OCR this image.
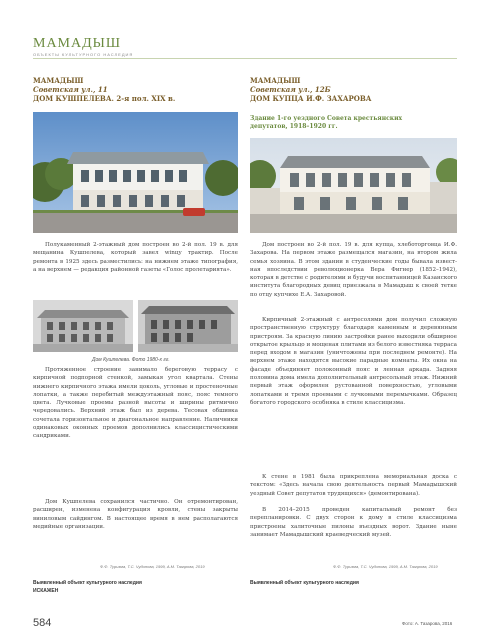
МАМАДЫШ
ОБЪЕКТЫ КУЛЬТУРНОГО НАСЛЕДИЯ
МАМАДЫШ
Советская ул., 11
ДОМ КУШПЕЛЕВА. 2-я пол. XIX в.

Полукаменный 2-этажный дом построен во 2-й пол. 19 в. для мещанина Кушпелева, который завел winцу трактир. После ремонта в 1925 здесь разместились: на нижнем этаже типография, а на верхнем — редакция районной газеты «Голос пролетарията».

Дом Кушпелева. Фото 1980-х гг.

Протяженное строение занимало береговую террасу с кирпичной подпорной стенкой, замыкая угол квартала. Стены нижнего кирпичного этажа имели цоколь, угловые и простеночные лопатки, а также перебитый междуэтажный пояс, пояс темного цвета. Лучковые проемы разной высоты и ширины ритмично чередовались. Верхний этаж был из дерева. Тесовая обшивка сочетала горизонтальное и диагональное направление. Наличники одинаковых оконных проемов дополнились классицистическими сандриками.

Дом Кушпелева сохранился частично. Он отремонтирован, расширен, изменена конфигурация кровли, стены закрыты виниловым сайдингом. В настоящее время в нем располагаются медийные организации.

Ф.Ф. Туризма, Т.С. Чудинова, 1999, А.М. Тазарова, 2019
Выявленный объект культурного наследия
ИСКАЖЕН
МАМАДЫШ
Советская ул., 12Б
ДОМ КУПЦА И.Ф. ЗАХАРОВА
Здание 1-го уездного Совета крестьянских
депутатов, 1918–1920 гг.

Дом построен во 2-й пол. 19 в. для купца, хлеботорговца И.Ф. Захарова. На первом этаже размещался магазин, на втором жила семья хозяина. В этом здании в студенческие годы бывала известная впоследствии революционерка Вера Фигнер (1852–1942), которая в детстве с родителями и будучи воспитанницей Казанского института благородных девиц приезжала в Мамадыш к своей тетке по отцу купчихе Е.А. Захаровой.

Кирпичный 2-этажный с антресолями дом получил сложную пространственную структуру благодаря каменным и деревянным пристроям. За красную линию застройки ранее выходили обширное открытое крыльцо и мощеная плитами из белого известняка терраса перед входом в магазин (уничтожены при последнем ремонте). На верхнем этаже находятся высокие парадные комнаты. Их окна на фасаде объединяет полоконный пояс и ленная аркада. Задняя половина дома имела дополнительный антресольный этаж. Нижний первый этаж оформлен рустованной поверхностью, угловыми лопатками и тремя проемами с лучковыми перемычками. Образец богатого городского особняка в стиле классицизма.

К стене в 1981 была прикреплена мемориальная доска с текстом: «Здесь начала свою деятельность первый Мамадышский уездный Совет депутатов трудящихся» (демонтирована).

В 2014–2015 проведен капитальный ремонт без перепланировки. С двух сторон к дому в стиле классицизма пристроены халиточные пилоны въездных ворот. Здание ныне занимает Мамадышский краеведческий музей.

Ф.Ф. Туризма, Т.С. Чудинова, 1999, А.М. Тазарова, 2019
Выявленный объект культурного наследия
584	Фото: А. Тазарова, 2016
